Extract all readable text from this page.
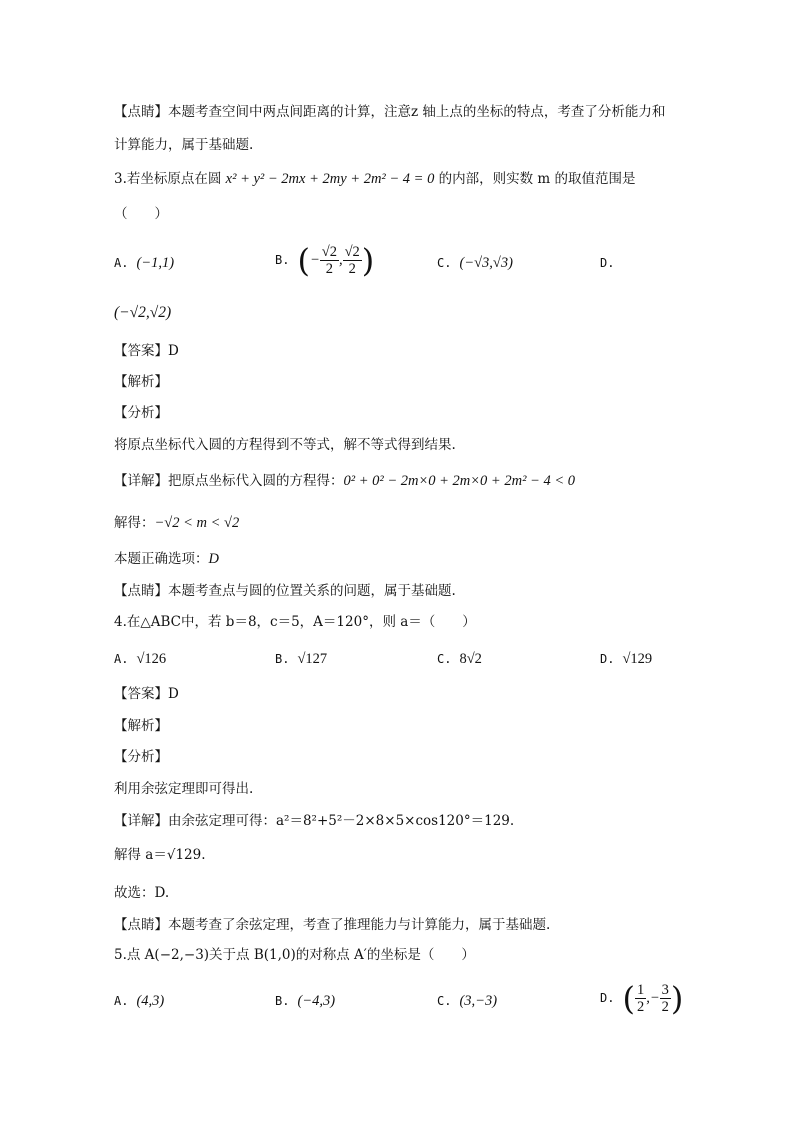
【点睛】本题考查空间中两点间距离的计算，注意z 轴上点的坐标的特点，考查了分析能力和
计算能力，属于基础题.
3.若坐标原点在圆 x² + y² − 2mx + 2my + 2m² − 4 = 0 的内部，则实数 m 的取值范围是
（　　）
A. (−1,1)	B. (− $\frac{√2}{2}$ , $\frac{√2}{2}$ )	C. (−√3,√3)	D.
(−√2,√2)
【答案】D
【解析】
【分析】
将原点坐标代入圆的方程得到不等式，解不等式得到结果.
【详解】把原点坐标代入圆的方程得：0² + 0² − 2m×0 + 2m×0 + 2m² − 4 < 0
解得：−√2 < m < √2
本题正确选项：D
【点睛】本题考查点与圆的位置关系的问题，属于基础题.
4.在△ABC中，若 b＝8，c＝5，A＝120°，则 a＝（　　）
A. √126	B. √127	C. 8√2	D. √129
【答案】D
【解析】
【分析】
利用余弦定理即可得出.
【详解】由余弦定理可得：a²＝8²+5²－2×8×5×cos120°＝129.
解得 a＝√129.
故选：D.
【点睛】本题考查了余弦定理，考查了推理能力与计算能力，属于基础题.
5.点 A(−2,−3)关于点 B(1,0)的对称点 A′的坐标是（　　）
A. (4,3)	B. (−4,3)	C. (3,−3)	D. ( $\frac{1}{2}$ ,− $\frac{3}{2}$ )
